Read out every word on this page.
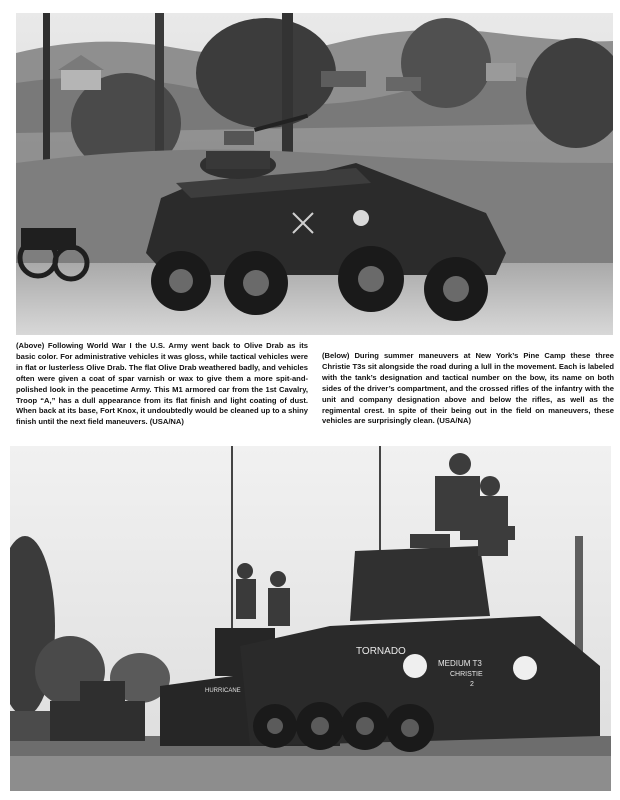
(Above) Following World War I the U.S. Army went back to Olive Drab as its basic color. For administrative vehicles it was gloss, while tactical vehicles were in flat or lusterless Olive Drab. The flat Olive Drab weathered badly, and vehicles often were given a coat of spar varnish or wax to give them a more spit-and-polished look in the peacetime Army. This M1 armored car from the 1st Cavalry, Troop “A,” has a dull appearance from its flat finish and light coating of dust. When back at its base, Fort Knox, it undoubtedly would be cleaned up to a shiny finish until the next field maneuvers. (USA/NA)

(Below) During summer maneuvers at New York’s Pine Camp these three Christie T3s sit alongside the road during a lull in the movement. Each is labeled with the tank’s designation and tactical number on the bow, its name on both sides of the driver’s compartment, and the crossed rifles of the infantry with the unit and company designation above and below the rifles, as well as the regimental crest. In spite of their being out in the field on maneuvers, these vehicles are surprisingly clean. (USA/NA)

TORNADO
HURRICANE
MEDIUM T3
CHRISTIE
2
